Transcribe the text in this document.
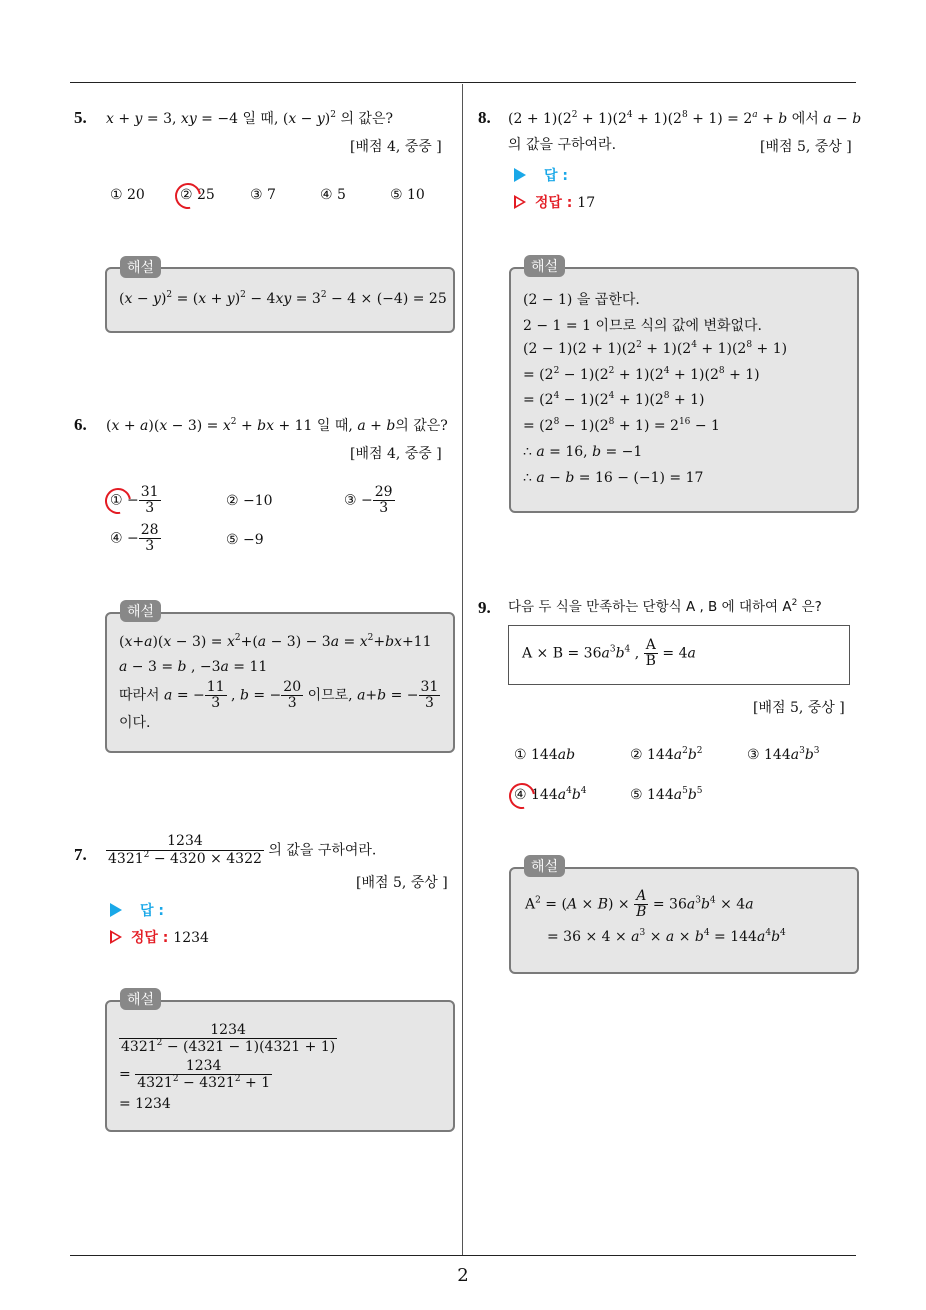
2
5. x + y = 3, xy = −4 일 때, $(x - y)^2$ 의 값은?
[배점 4, 중중 ]
① 20	② 25	③ 7	④ 5	⑤ 10
$(x - y)^2 = (x + y)^2 - 4xy = 3^2 - 4 \times (-4) = 25$
해설
6. $(x + a)(x - 3) = x^2$ + bx + 11 일 때, a + b의 값은?
[배점 4, 중중 ]
① − $\frac{31}{3}$	② −10	③ − $\frac{29}{3}$
④ − $\frac{28}{3}$	⑤ −9
$(x+a)(x - 3) = x^2+(a - 3) - 3a = x^2+bx+11$
a − 3 = b , −3a = 11
따라서 a = − $\frac{11}{3}$ , b = − $\frac{20}{3}$ 이므로, a+b = − $\frac{31}{3}$
이다.
해설
7. $\frac{1234}{4321^2 - 4320 \times 4322}$ 의 값을 구하여라.
[배점 5, 중상 ]
답 :
정답 : 1234
$\frac{1234}{4321^2 - (4321 - 1)(4321 + 1)}$
= $\frac{1234}{4321^2 - 4321^2 + 1}$
= 1234
해설
8. $(2 + 1)(2^2 + 1)(2^4 + 1)(2^8 + 1) = 2^a + b$ 에서 a − b
의 값을 구하여라.	[배점 5, 중상 ]
답 :
정답 : 17
(2 − 1) 을 곱한다.
2 − 1 = 1 이므로 식의 값에 변화없다.
$(2 - 1)(2 + 1)(2^2 + 1)(2^4 + 1)(2^8 + 1)$
= $(2^2 - 1)(2^2 + 1)(2^4 + 1)(2^8 + 1)$
= $(2^4 - 1)(2^4 + 1)(2^8 + 1)$
= $(2^8 - 1)(2^8 + 1) = 2^{16} - 1$
∴ a = 16, b = −1
∴ a − b = 16 − (−1) = 17
해설
9. 다음 두 식을 만족하는 단항식 A , B 에 대하여 $A^2$ 은?
$A \times B = 36a^3b^4$ , $\frac{A}{B} = 4a$
[배점 5, 중상 ]
① 144ab	② $144a^2b^2$	③ $144a^3b^3$
④ $144a^4b^4$	⑤ $144a^5b^5$
$A^2 = (A \times B) \times \frac{A}{B} = 36a^3b^4 \times 4a$
= $36 \times 4 \times a^3 \times a \times b^4 = 144a^4b^4$
해설
